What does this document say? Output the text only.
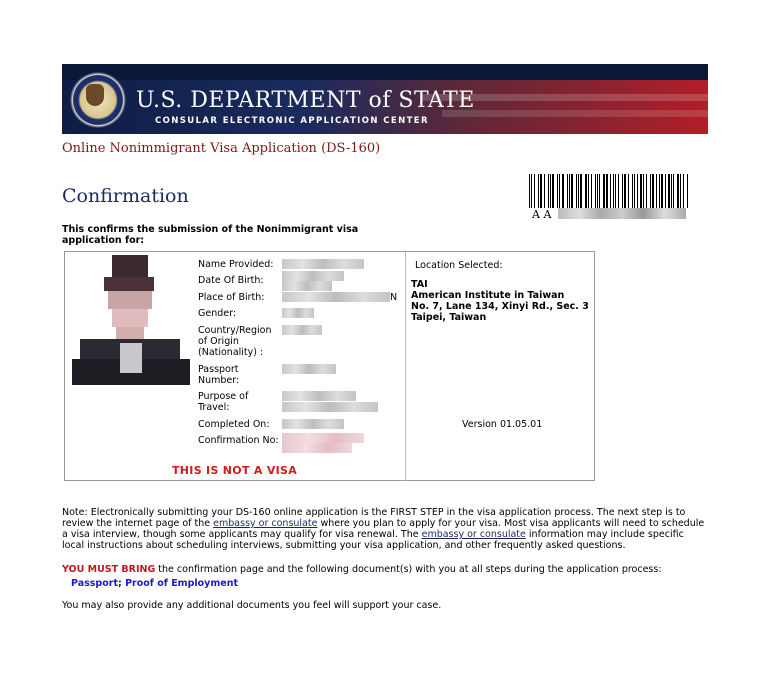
U.S. DEPARTMENT of STATE
CONSULAR ELECTRONIC APPLICATION CENTER
Online Nonimmigrant Visa Application (DS-160)
Confirmation
A A
This confirms the submission of the Nonimmigrant visa application for:
Name Provided:
Date Of Birth:
Place of Birth:	N
Gender:
Country/Region of Origin (Nationality) :
Passport Number:
Purpose of Travel:
Completed On:
Confirmation No:
THIS IS NOT A VISA
Location Selected:
TAI
American Institute in Taiwan
No. 7, Lane 134, Xinyi Rd., Sec. 3
Taipei, Taiwan
Version 01.05.01
Note: Electronically submitting your DS-160 online application is the FIRST STEP in the visa application process. The next step is to review the internet page of the embassy or consulate where you plan to apply for your visa. Most visa applicants will need to schedule a visa interview, though some applicants may qualify for visa renewal. The embassy or consulate information may include specific local instructions about scheduling interviews, submitting your visa application, and other frequently asked questions.
YOU MUST BRING the confirmation page and the following document(s) with you at all steps during the application process:
Passport; Proof of Employment
You may also provide any additional documents you feel will support your case.
